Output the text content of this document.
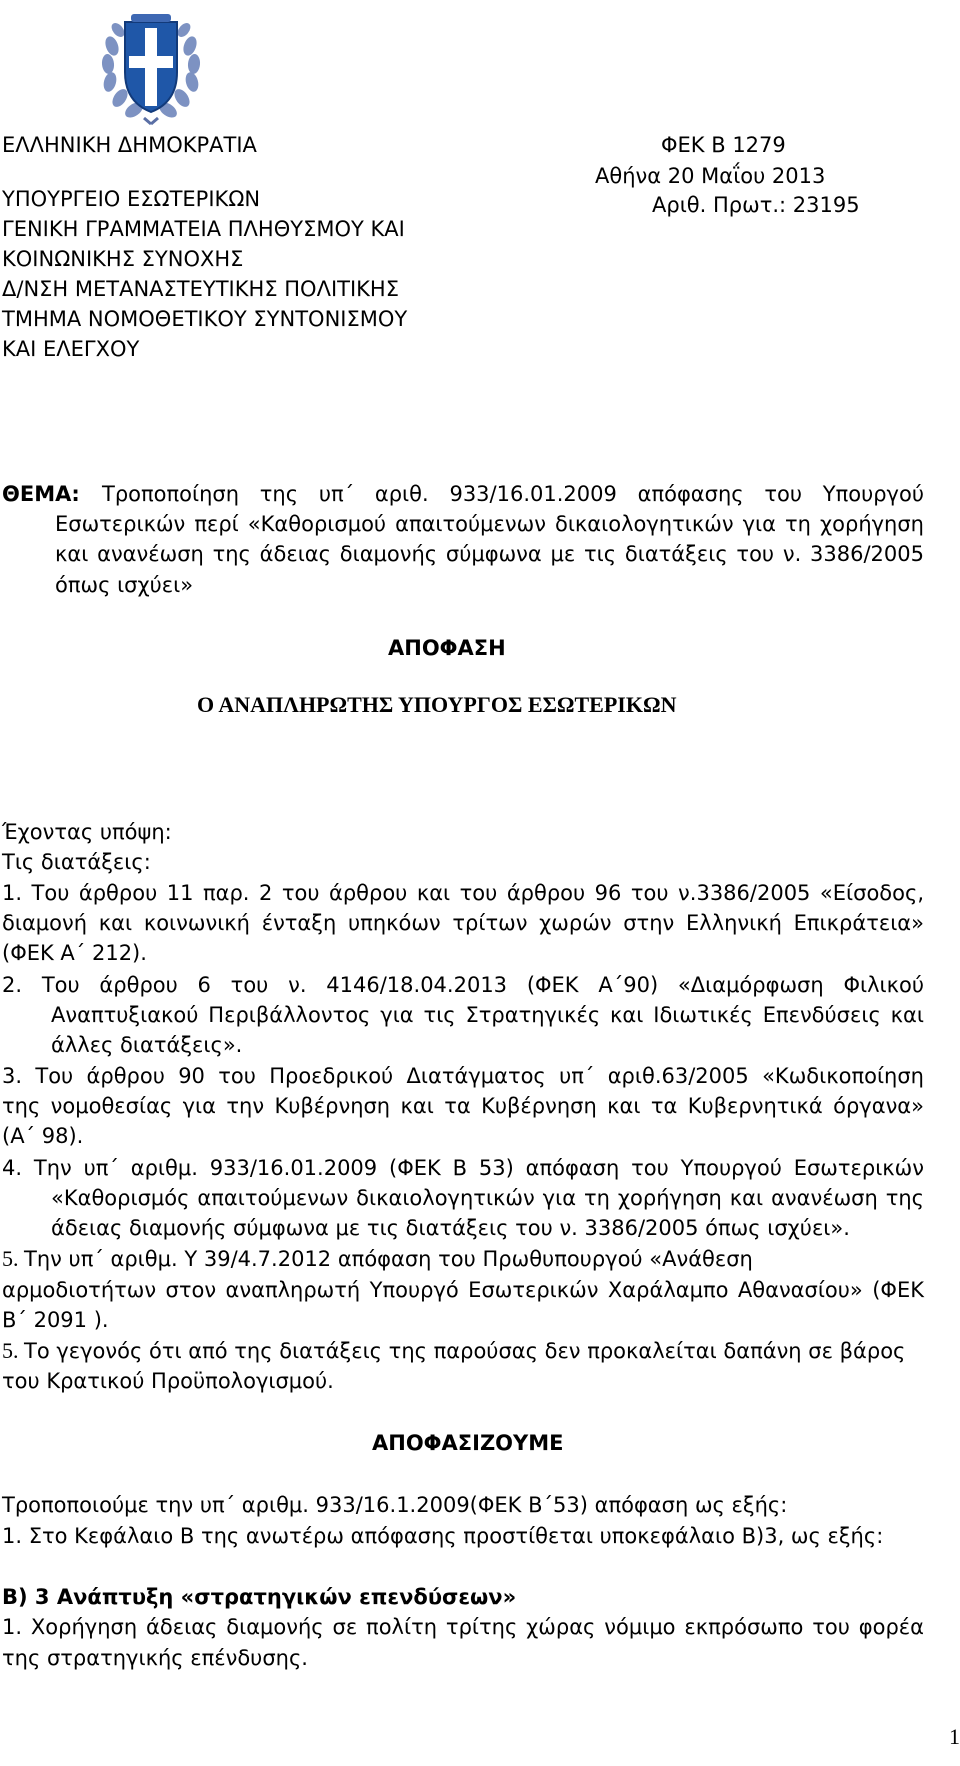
ΕΛΛΗΝΙΚΗ ΔΗΜΟΚΡΑΤΙΑ
ΥΠΟΥΡΓΕΙΟ ΕΣΩΤΕΡΙΚΩΝ
ΓΕΝΙΚΗ ΓΡΑΜΜΑΤΕΙΑ ΠΛΗΘΥΣΜΟΥ ΚΑΙ
ΚΟΙΝΩΝΙΚΗΣ ΣΥΝΟΧΗΣ
Δ/ΝΣΗ ΜΕΤΑΝΑΣΤΕΥΤΙΚΗΣ ΠΟΛΙΤΙΚΗΣ
ΤΜΗΜΑ ΝΟΜΟΘΕΤΙΚΟΥ ΣΥΝΤΟΝΙΣΜΟΥ
ΚΑΙ ΕΛΕΓΧΟΥ
ΦΕΚ Β 1279
Αθήνα 20 Μαΐου 2013
Αριθ. Πρωτ.: 23195
ΘΕΜΑ: Τροποποίηση της υπ΄ αριθ. 933/16.01.2009 απόφασης του Υπουργού
Εσωτερικών περί «Καθορισμού απαιτούμενων δικαιολογητικών για τη χορήγηση
και ανανέωση της άδειας διαμονής σύμφωνα με τις διατάξεις του ν. 3386/2005
όπως ισχύει»
ΑΠΟΦΑΣΗ
Ο ΑΝΑΠΛΗΡΩΤΗΣ ΥΠΟΥΡΓΟΣ ΕΣΩΤΕΡΙΚΩΝ
Έχοντας υπόψη:
Τις διατάξεις:
1. Του άρθρου 11 παρ. 2 του άρθρου και του άρθρου 96 του ν.3386/2005 «Είσοδος,
διαμονή και κοινωνική ένταξη υπηκόων τρίτων χωρών στην Ελληνική Επικράτεια»
(ΦΕΚ Α΄ 212).
2. Του άρθρου 6 του ν. 4146/18.04.2013 (ΦΕΚ Α΄90) «Διαμόρφωση Φιλικού
Αναπτυξιακού Περιβάλλοντος για τις Στρατηγικές και Ιδιωτικές Επενδύσεις και
άλλες διατάξεις».
3. Του άρθρου 90 του Προεδρικού Διατάγματος υπ΄ αριθ.63/2005 «Κωδικοποίηση
της νομοθεσίας για την Κυβέρνηση και τα Κυβέρνηση και τα Κυβερνητικά όργανα»
(Α΄ 98).
4. Την υπ΄ αριθμ. 933/16.01.2009 (ΦΕΚ Β 53) απόφαση του Υπουργού Εσωτερικών
«Καθορισμός απαιτούμενων δικαιολογητικών για τη χορήγηση και ανανέωση της
άδειας διαμονής σύμφωνα με τις διατάξεις του ν. 3386/2005 όπως ισχύει».
5. Την υπ΄ αριθμ. Υ 39/4.7.2012 απόφαση του Πρωθυπουργού «Ανάθεση
αρμοδιοτήτων στον αναπληρωτή Υπουργό Εσωτερικών Χαράλαμπο Αθανασίου» (ΦΕΚ
Β΄ 2091 ).
5. Το γεγονός ότι από της διατάξεις της παρούσας δεν προκαλείται δαπάνη σε βάρος
του Κρατικού Προϋπολογισμού.
ΑΠΟΦΑΣΙΖΟΥΜΕ
Τροποποιούμε την υπ΄ αριθμ. 933/16.1.2009(ΦΕΚ Β΄53) απόφαση ως εξής:
1. Στο Κεφάλαιο Β της ανωτέρω απόφασης προστίθεται υποκεφάλαιο Β)3, ως εξής:
Β) 3 Ανάπτυξη «στρατηγικών επενδύσεων»
1. Χορήγηση άδειας διαμονής σε πολίτη τρίτης χώρας νόμιμο εκπρόσωπο του φορέα
της στρατηγικής επένδυσης.
1
